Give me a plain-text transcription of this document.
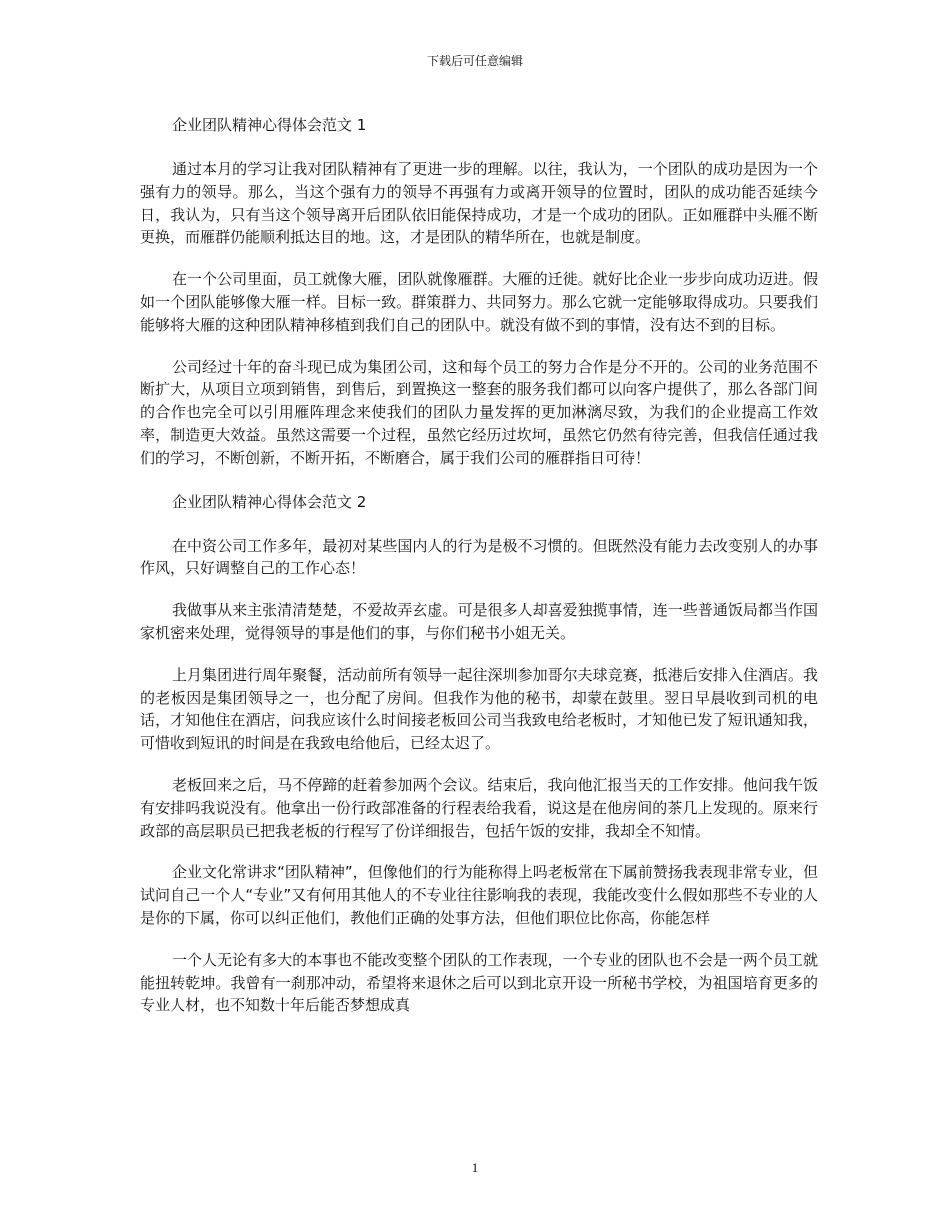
下载后可任意编辑
企业团队精神心得体会范文 1

通过本月的学习让我对团队精神有了更进一步的理解。以往，我认为，一个团队的成功是因为一个强有力的领导。那么，当这个强有力的领导不再强有力或离开领导的位置时，团队的成功能否延续今日，我认为，只有当这个领导离开后团队依旧能保持成功，才是一个成功的团队。正如雁群中头雁不断更换，而雁群仍能顺利抵达目的地。这，才是团队的精华所在，也就是制度。

在一个公司里面，员工就像大雁，团队就像雁群。大雁的迁徙。就好比企业一步步向成功迈进。假如一个团队能够像大雁一样。目标一致。群策群力、共同努力。那么它就一定能够取得成功。只要我们能够将大雁的这种团队精神移植到我们自己的团队中。就没有做不到的事情，没有达不到的目标。

公司经过十年的奋斗现已成为集团公司，这和每个员工的努力合作是分不开的。公司的业务范围不断扩大，从项目立项到销售，到售后，到置换这一整套的服务我们都可以向客户提供了，那么各部门间的合作也完全可以引用雁阵理念来使我们的团队力量发挥的更加淋漓尽致，为我们的企业提高工作效率，制造更大效益。虽然这需要一个过程，虽然它经历过坎坷，虽然它仍然有待完善，但我信任通过我们的学习，不断创新，不断开拓，不断磨合，属于我们公司的雁群指日可待！

企业团队精神心得体会范文 2

在中资公司工作多年，最初对某些国内人的行为是极不习惯的。但既然没有能力去改变别人的办事作风，只好调整自己的工作心态！

我做事从来主张清清楚楚，不爱故弄玄虚。可是很多人却喜爱独揽事情，连一些普通饭局都当作国家机密来处理，觉得领导的事是他们的事，与你们秘书小姐无关。

上月集团进行周年聚餐，活动前所有领导一起往深圳参加哥尔夫球竞赛，抵港后安排入住酒店。我的老板因是集团领导之一，也分配了房间。但我作为他的秘书，却蒙在鼓里。翌日早晨收到司机的电话，才知他住在酒店，问我应该什么时间接老板回公司当我致电给老板时，才知他已发了短讯通知我，可惜收到短讯的时间是在我致电给他后，已经太迟了。

老板回来之后，马不停蹄的赶着参加两个会议。结束后，我向他汇报当天的工作安排。他问我午饭有安排吗我说没有。他拿出一份行政部准备的行程表给我看，说这是在他房间的茶几上发现的。原来行政部的高层职员已把我老板的行程写了份详细报告，包括午饭的安排，我却全不知情。

企业文化常讲求“团队精神”，但像他们的行为能称得上吗老板常在下属前赞扬我表现非常专业，但试问自己一个人“专业”又有何用其他人的不专业往往影响我的表现，我能改变什么假如那些不专业的人是你的下属，你可以纠正他们，教他们正确的处事方法，但他们职位比你高，你能怎样

一个人无论有多大的本事也不能改变整个团队的工作表现，一个专业的团队也不会是一两个员工就能扭转乾坤。我曾有一刹那冲动，希望将来退休之后可以到北京开设一所秘书学校，为祖国培育更多的专业人材，也不知数十年后能否梦想成真

1
